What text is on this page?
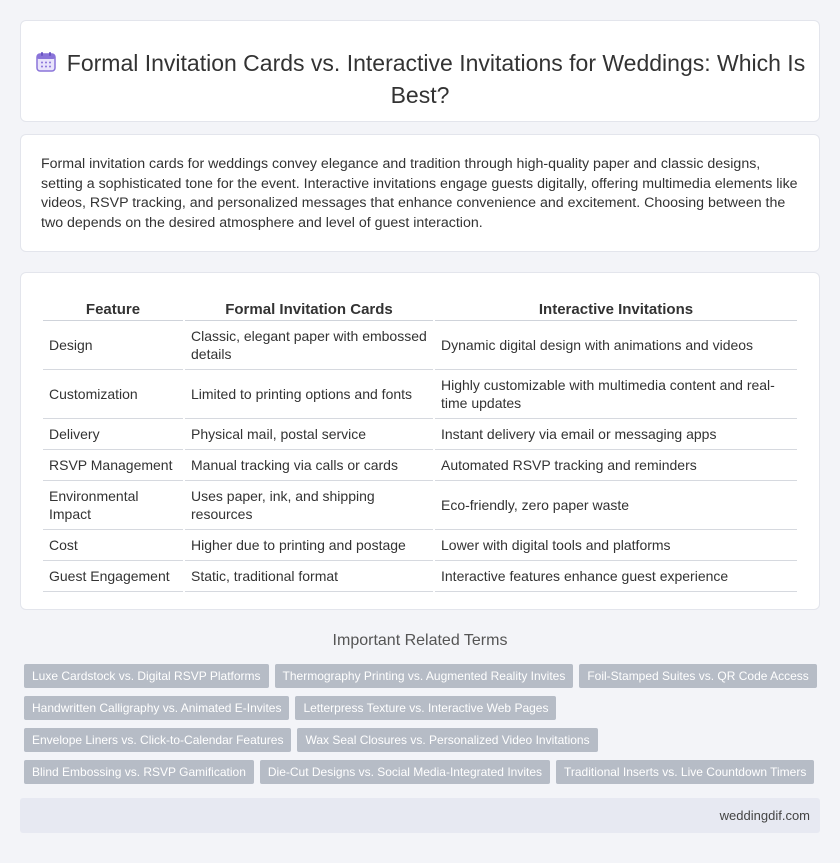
Formal Invitation Cards vs. Interactive Invitations for Weddings: Which Is Best?

Formal invitation cards for weddings convey elegance and tradition through high-quality paper and classic designs, setting a sophisticated tone for the event. Interactive invitations engage guests digitally, offering multimedia elements like videos, RSVP tracking, and personalized messages that enhance convenience and excitement. Choosing between the two depends on the desired atmosphere and level of guest interaction.

Feature	Formal Invitation Cards	Interactive Invitations
Design	Classic, elegant paper with embossed details	Dynamic digital design with animations and videos
Customization	Limited to printing options and fonts	Highly customizable with multimedia content and real-time updates
Delivery	Physical mail, postal service	Instant delivery via email or messaging apps
RSVP Management	Manual tracking via calls or cards	Automated RSVP tracking and reminders
Environmental Impact	Uses paper, ink, and shipping resources	Eco-friendly, zero paper waste
Cost	Higher due to printing and postage	Lower with digital tools and platforms
Guest Engagement	Static, traditional format	Interactive features enhance guest experience
Important Related Terms
Luxe Cardstock vs. Digital RSVP Platforms Thermography Printing vs. Augmented Reality Invites Foil-Stamped Suites vs. QR Code Access
Handwritten Calligraphy vs. Animated E-Invites Letterpress Texture vs. Interactive Web Pages
Envelope Liners vs. Click-to-Calendar Features Wax Seal Closures vs. Personalized Video Invitations
Blind Embossing vs. RSVP Gamification Die-Cut Designs vs. Social Media-Integrated Invites Traditional Inserts vs. Live Countdown Timers
weddingdif.com
